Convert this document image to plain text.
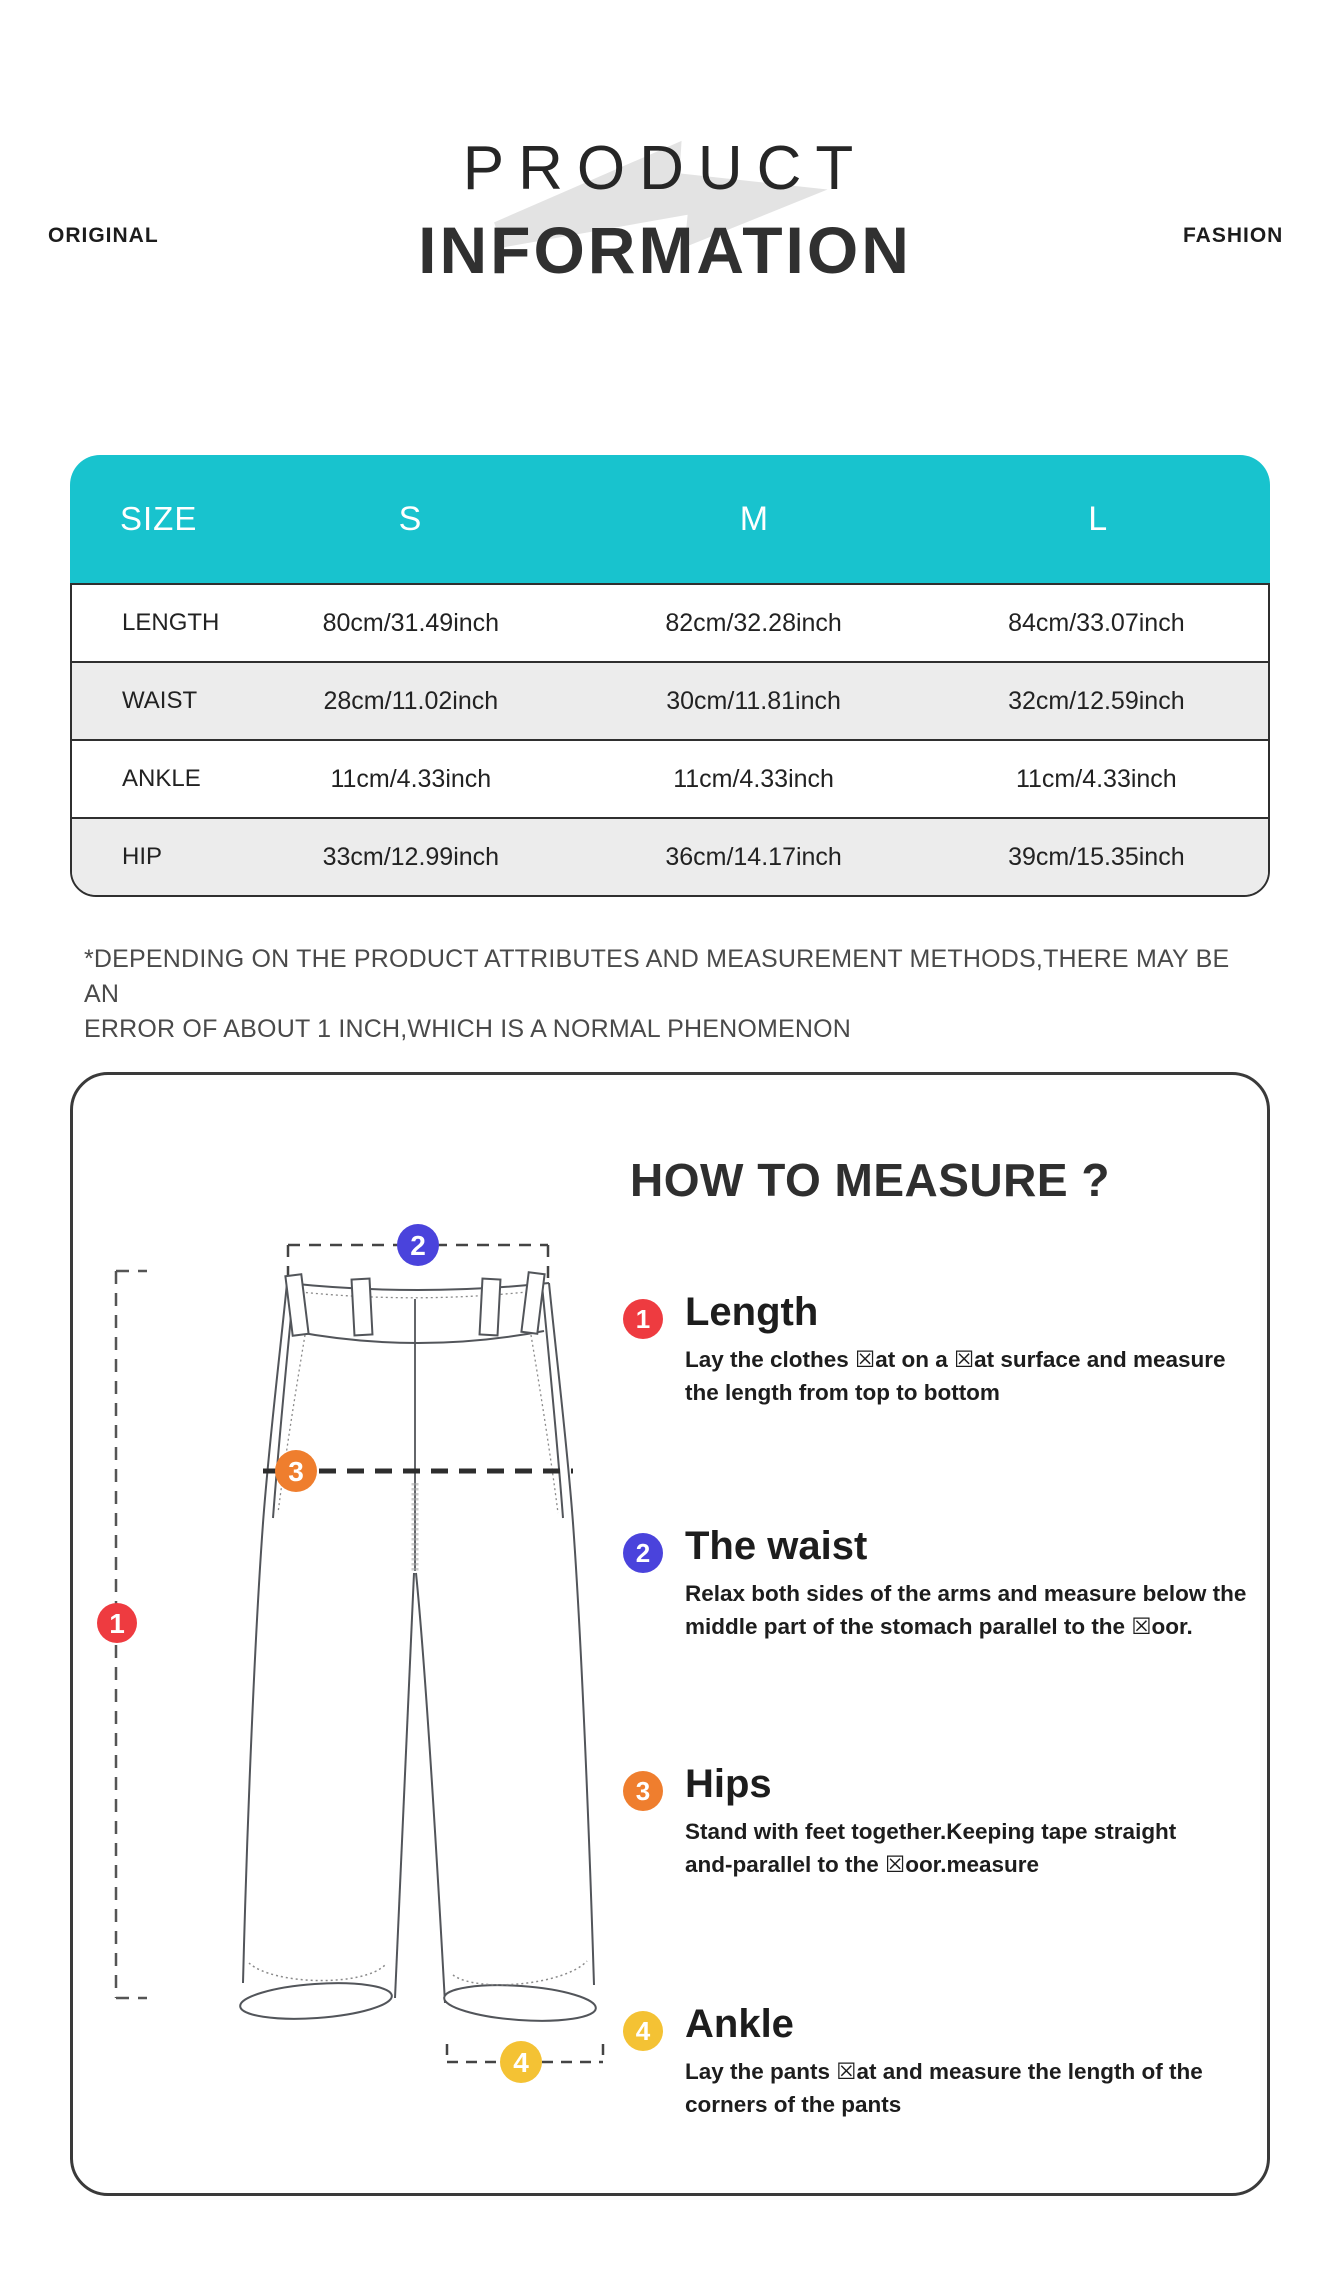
ORIGINAL	FASHION
PRODUCT
INFORMATION
SIZE	S	M	L
LENGTH	80cm/31.49inch	82cm/32.28inch	84cm/33.07inch
WAIST	28cm/11.02inch	30cm/11.81inch	32cm/12.59inch
ANKLE	11cm/4.33inch	11cm/4.33inch	11cm/4.33inch
HIP	33cm/12.99inch	36cm/14.17inch	39cm/15.35inch
*DEPENDING ON THE PRODUCT ATTRIBUTES AND MEASUREMENT METHODS,THERE MAY BE AN
ERROR OF ABOUT 1 INCH,WHICH IS A NORMAL PHENOMENON
1
2
3
4
HOW TO MEASURE ?
1 Length
Lay the clothes ☒at on a ☒at surface and measure
the length from top to bottom
2 The waist
Relax both sides of the arms and measure below the
middle part of the stomach parallel to the ☒oor.
3 Hips
Stand with feet together.Keeping tape straight
and-parallel to the ☒oor.measure
4 Ankle
Lay the pants ☒at and measure the length of the
corners of the pants
